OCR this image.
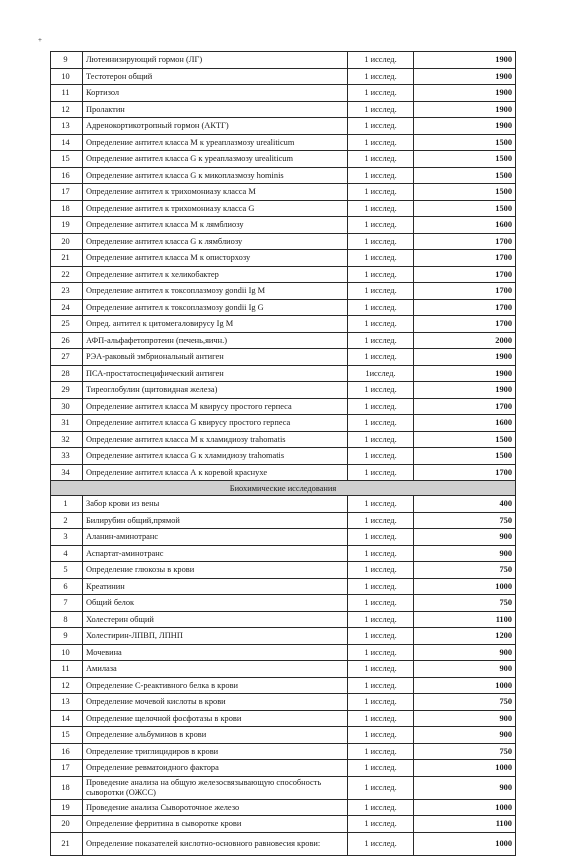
+
9	Лютеинизирующий гормон (ЛГ)	1 исслед.	1900
10	Тестотерон общий	1 исслед.	1900
11	Кортизол	1 исслед.	1900
12	Пролактин	1 исслед.	1900
13	Адренокортикотропный гормон (АКТГ)	1 исслед.	1900
14	Определение антител класса М к уреаплазмозу urealiticum	1 исслед.	1500
15	Определение антител класса G к уреаплазмозу urealiticum	1 исслед.	1500
16	Определение антител класса G к микоплазмозу hominis	1 исслед.	1500
17	Определение антител к трихомониазу класса М	1 исслед.	1500
18	Определение антител к трихомониазу класса G	1 исслед.	1500
19	Определение антител класса М к лямблиозу	1 исслед.	1600
20	Определение антител класса G к лямблиозу	1 исслед.	1700
21	Определение антител класса М к описторхозу	1 исслед.	1700
22	Определение антител к хеликобактер	1 исслед.	1700
23	Определение антител к токсоплазмозу gondii Ig M	1 исслед.	1700
24	Определение антител к токсоплазмозу gondii Ig G	1 исслед.	1700
25	Опред. антител к цитомегаловирусу Ig M	1 исслед.	1700
26	АФП-альфафетопротеин (печень,яичн.)	1 исслед.	2000
27	РЭА-раковый эмбриональный антиген	1 исслед.	1900
28	ПСА-простатоспецифический антиген	1исслед.	1900
29	Тиреоглобулин (щитовидная железа)	1 исслед.	1900
30	Определение антител класса М квирусу простого герпеса	1 исслед.	1700
31	Определение антител класса G квирусу простого герпеса	1 исслед.	1600
32	Определение антител класса М к хламидиозу trahomatis	1 исслед.	1500
33	Определение антител класса G к хламидиозу trahomatis	1 исслед.	1500
34	Определение антител класса А к коревой краснухе	1 исслед.	1700
Биохимические исследования			
1	Забор крови из вены	1 исслед.	400
2	Билирубин общий,прямой	1 исслед.	750
3	Аланин-аминотранс	1 исслед.	900
4	Аспартат-аминотранс	1 исслед.	900
5	Определение глюкозы в крови	1 исслед.	750
6	Креатинин	1 исслед.	1000
7	Общий белок	1 исслед.	750
8	Холестерин общий	1 исслед.	1100
9	Холестирин-ЛПВП, ЛПНП	1 исслед.	1200
10	Мочевина	1 исслед.	900
11	Амилаза	1 исслед.	900
12	Определение С-реактивного белка в крови	1 исслед.	1000
13	Определение мочевой кислоты в крови	1 исслед.	750
14	Определение щелочной фосфотазы в крови	1 исслед.	900
15	Определение альбуминов в крови	1 исслед.	900
16	Определение триглицидиров в крови	1 исслед.	750
17	Определение ревматоидного фактора	1 исслед.	1000
18	Проведение анализа на общую железосвязывающую способность сыворотки (ОЖСС)	1 исслед.	900
19	Проведение анализа Сывороточное железо	1 исслед.	1000
20	Определение ферритина в сыворотке крови	1 исслед.	1100
21	Определение показателей кислотно-основного равновесия крови:	1 исслед.	1000
